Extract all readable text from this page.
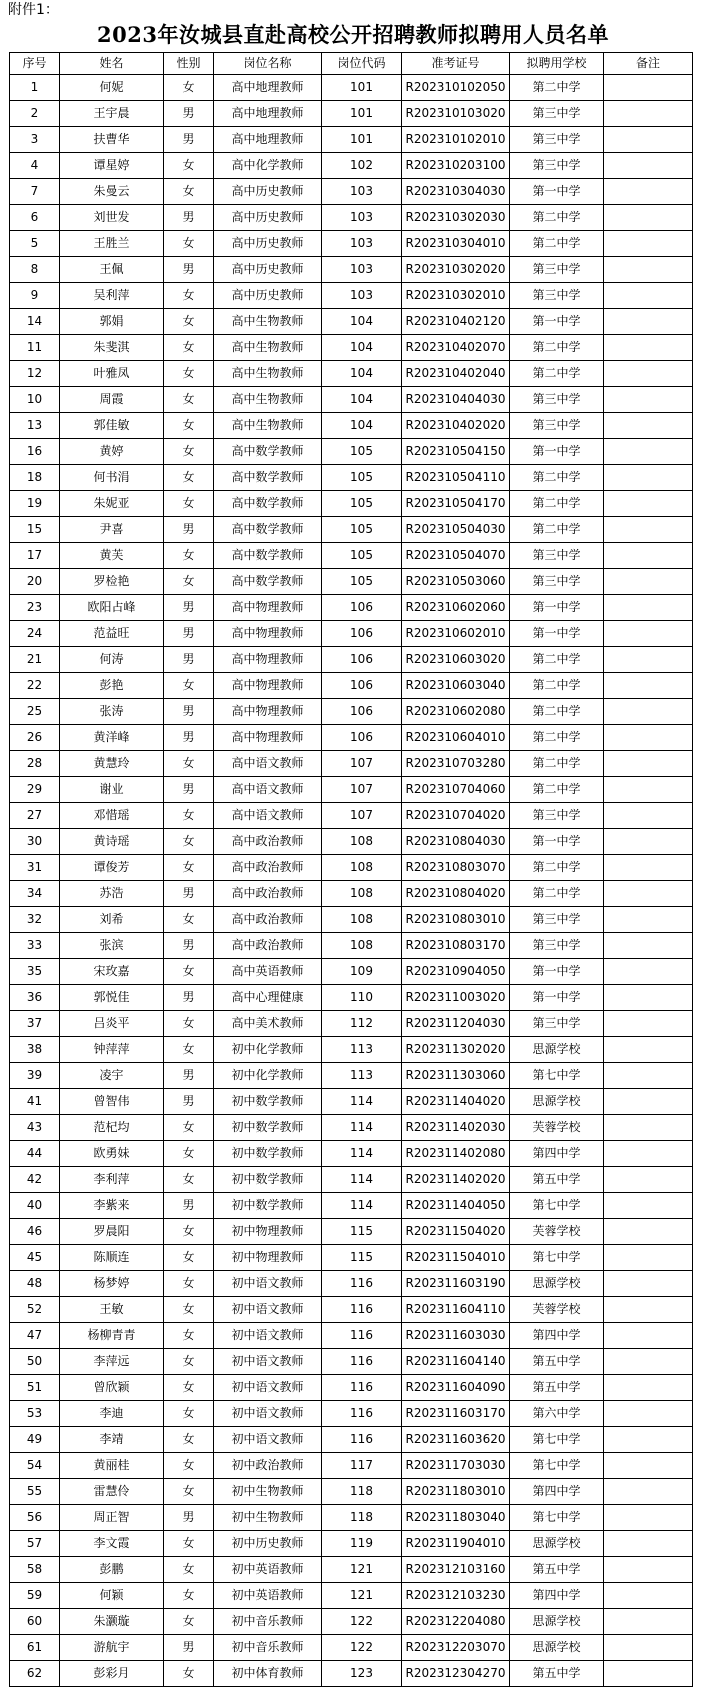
附件1：
2023年汝城县直赴高校公开招聘教师拟聘用人员名单
序号	姓名	性别	岗位名称	岗位代码	准考证号	拟聘用学校	备注
1	何妮	女	高中地理教师	101	R202310102050	第二中学	
2	王宇晨	男	高中地理教师	101	R202310103020	第三中学	
3	扶曹华	男	高中地理教师	101	R202310102010	第三中学	
4	谭星婷	女	高中化学教师	102	R202310203100	第三中学	
7	朱曼云	女	高中历史教师	103	R202310304030	第一中学	
6	刘世发	男	高中历史教师	103	R202310302030	第二中学	
5	王胜兰	女	高中历史教师	103	R202310304010	第二中学	
8	王佩	男	高中历史教师	103	R202310302020	第三中学	
9	吴利萍	女	高中历史教师	103	R202310302010	第三中学	
14	郭娟	女	高中生物教师	104	R202310402120	第一中学	
11	朱斐淇	女	高中生物教师	104	R202310402070	第二中学	
12	叶雅凤	女	高中生物教师	104	R202310402040	第二中学	
10	周霞	女	高中生物教师	104	R202310404030	第三中学	
13	郭佳敏	女	高中生物教师	104	R202310402020	第三中学	
16	黄婷	女	高中数学教师	105	R202310504150	第一中学	
18	何书涓	女	高中数学教师	105	R202310504110	第二中学	
19	朱妮亚	女	高中数学教师	105	R202310504170	第二中学	
15	尹喜	男	高中数学教师	105	R202310504030	第二中学	
17	黄芙	女	高中数学教师	105	R202310504070	第三中学	
20	罗检艳	女	高中数学教师	105	R202310503060	第三中学	
23	欧阳占峰	男	高中物理教师	106	R202310602060	第一中学	
24	范益旺	男	高中物理教师	106	R202310602010	第一中学	
21	何涛	男	高中物理教师	106	R202310603020	第二中学	
22	彭艳	女	高中物理教师	106	R202310603040	第二中学	
25	张涛	男	高中物理教师	106	R202310602080	第二中学	
26	黄洋峰	男	高中物理教师	106	R202310604010	第二中学	
28	黄慧玲	女	高中语文教师	107	R202310703280	第二中学	
29	谢业	男	高中语文教师	107	R202310704060	第二中学	
27	邓惜瑶	女	高中语文教师	107	R202310704020	第三中学	
30	黄诗瑶	女	高中政治教师	108	R202310804030	第一中学	
31	谭俊芳	女	高中政治教师	108	R202310803070	第二中学	
34	苏浩	男	高中政治教师	108	R202310804020	第二中学	
32	刘希	女	高中政治教师	108	R202310803010	第三中学	
33	张滨	男	高中政治教师	108	R202310803170	第三中学	
35	宋玫嘉	女	高中英语教师	109	R202310904050	第一中学	
36	郭悦佳	男	高中心理健康	110	R202311003020	第一中学	
37	吕炎平	女	高中美术教师	112	R202311204030	第三中学	
38	钟萍萍	女	初中化学教师	113	R202311302020	思源学校	
39	凌宇	男	初中化学教师	113	R202311303060	第七中学	
41	曾智伟	男	初中数学教师	114	R202311404020	思源学校	
43	范杞均	女	初中数学教师	114	R202311402030	芙蓉学校	
44	欧勇妹	女	初中数学教师	114	R202311402080	第四中学	
42	李利萍	女	初中数学教师	114	R202311402020	第五中学	
40	李紫来	男	初中数学教师	114	R202311404050	第七中学	
46	罗晨阳	女	初中物理教师	115	R202311504020	芙蓉学校	
45	陈顺连	女	初中物理教师	115	R202311504010	第七中学	
48	杨梦婷	女	初中语文教师	116	R202311603190	思源学校	
52	王敏	女	初中语文教师	116	R202311604110	芙蓉学校	
47	杨柳青青	女	初中语文教师	116	R202311603030	第四中学	
50	李萍远	女	初中语文教师	116	R202311604140	第五中学	
51	曾欣颖	女	初中语文教师	116	R202311604090	第五中学	
53	李迪	女	初中语文教师	116	R202311603170	第六中学	
49	李靖	女	初中语文教师	116	R202311603620	第七中学	
54	黄丽桂	女	初中政治教师	117	R202311703030	第七中学	
55	雷慧伶	女	初中生物教师	118	R202311803010	第四中学	
56	周正智	男	初中生物教师	118	R202311803040	第七中学	
57	李文霞	女	初中历史教师	119	R202311904010	思源学校	
58	彭鹏	女	初中英语教师	121	R202312103160	第五中学	
59	何颖	女	初中英语教师	121	R202312103230	第四中学	
60	朱灏璇	女	初中音乐教师	122	R202312204080	思源学校	
61	游航宇	男	初中音乐教师	122	R202312203070	思源学校	
62	彭彩月	女	初中体育教师	123	R202312304270	第五中学	
